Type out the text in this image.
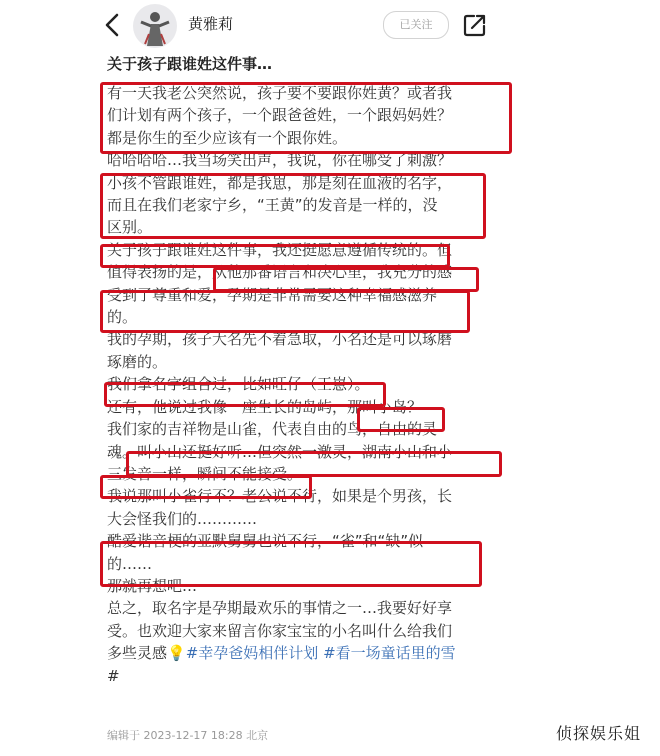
黄雅莉	已关注
关于孩子跟谁姓这件事…
有一天我老公突然说，孩子要不要跟你姓黄？或者我
们计划有两个孩子，一个跟爸爸姓，一个跟妈妈姓？
都是你生的至少应该有一个跟你姓。
哈哈哈哈…我当场笑出声，我说，你在哪受了刺激？
小孩不管跟谁姓，都是我崽，那是刻在血液的名字，
而且在我们老家宁乡，“王黄”的发音是一样的，没
区别。
关于孩子跟谁姓这件事，我还挺愿意遵循传统的。但
值得表扬的是，从他那番语言和决心里，我充分的感
受到了尊重和爱，孕期是非常需要这种幸福感滋养
的。
我的孕期，孩子大名先不着急取，小名还是可以琢磨
琢磨的。
我们拿名字组合过，比如旺仔（王崽）。
还有，他说过我像一座生长的岛屿，那叫小岛？
我们家的吉祥物是山雀，代表自由的鸟，自由的灵
魂。叫小山还挺好听…但突然一激灵，湖南小山和小
三发音一样，瞬间不能接受。
我说那叫小雀行不？老公说不行，如果是个男孩，长
大会怪我们的…………
酷爱谐音梗的亚默舅舅也说不行，“雀”和“缺”似
的……
那就再想吧…
总之，取名字是孕期最欢乐的事情之一…我要好好享
受。也欢迎大家来留言你家宝宝的小名叫什么给我们
多些灵感💡#幸孕爸妈相伴计划 #看一场童话里的雪
#
编辑于 2023-12-17 18:28 北京	侦探娱乐姐
